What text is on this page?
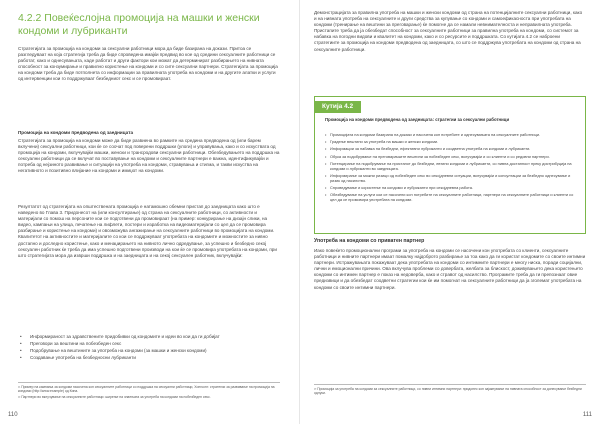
4.2.2 Повеќеслојна промоција на машки и женски кондоми и лубриканти

Стратегијата за промоција на кондоми за сексуални работници мора да биде базирана на докази. Притоа се разгледуваат на која стратегија треба да биде спроведена имајќи предвид во кое од средини сексуалните работници се работат, како и однесувањата, каде работат и други фактори кои можат да детерминират разбирањето на нивната способност за конзумирање и правилно користење на кондоми и со сите сексуални партнери. Стратегијата за промоција на кондоми треба да биде потполнета со информации за правилната употреба на кондоми и на другите алатки и услуги од интервенции кои го поддржуваат безбедниот секс и се промовираат.

Промоција на кондоми предводена од заедницата

Стратегијата за промоција на кондоми може да биде развиена во рамките на средина предводена од (или барем вклучени) сексуални работници, кои ќе се соочат под поверени поддршки (улоги) и управувања, како и со искуствата од промоција на кондоми, вклучувајќи машки, женски и трансродови сексуални работници. Обезбедувањето на поддршка на сексуални работници да се вклучат во поставување на кондоми и сексуалните партнери е важна, идентификувајќи и потреба од нејзиното развивање и ситуацији на употреба на кондоми, стравувања и стигма, и такви искуства на негативното и позитивно влијание на кондоми и имиџот на кондоми.

Резултатот од стратегијата на општествената промоција е натамошно обемни пристап до заедницата како што е наведено во Глава 3. Придонесот на (или консултирање) од страна на сексуалните работници, со активности и материјали со помош на персоните кои се подготвени да промовираат (на пример: конкурирање на дизајн слики, на видео, кампањи на улица, печатење на лифлети, постери и изработка на видеоматеријали со цел да се промовира разбирање и користење на кондоми) и овозможува ангажирање на сексуалните работници во промоцијата на кондоми. Квалитетот на активностите и материјалите со кои се поддржуваат употребата на кондомите и можностите за нивно достапно и доследно користење, како и менаџирањето на нивното лично одредување, за успешно и безбедно секој сексуален работник ќе треба да има успешно подготвени производи на кои ќе се промовира употребата на кондоми, при што стратегијата мора да изврши поддршка и на заедницата и на секој сексуален работник, вклучувајќи:

• Информираност за здравствените придобивки од кондомите и идеи во кои да ги добијат
• Преговори за вештини на побезбеден секс
• Подобрување на вештините за употреба на кондоми (за машки и женски кондоми)
• Создавање употреба на безбедносни лубриканти

¹¹ Пример на кампања за кондоми насочена кон сексуалните работници со поддршка на сексуални работници, Хонгконг: стратегии за развивање на промоција на кондоми (http://www.example) од Кина.

¹² Партнери во вклучување на сексуалните работници: ширење на знаењата за употреба на кондоми на побезбеден секс.

110

Демонстрацијата за правилна употреба на машки и женски кондоми од страна на потенцијалните сексуални работници, како и на нивната употреба на сексуалните и други средства за купување со кондоми и самоефикасноста при употребата на кондоми (тренирање на вештини за преговарање) ќе помогне да се намали невнимателноста и неправилната употреба. Пристапите треба да ја обезбедат способност за сексуалните работници за правилна употреба на кондоми, со системот за набавка на погодни видови и квалитет на кондоми, како и со ресурсите и поддршката. Со кутијата 4.2 се наброени стратегиите за промоција на кондоми предводена од заедницата, со што се поддржува употребата на кондоми од страна на сексуалните работници.

Кутија 4.2

Промоција на кондоми предводена од заедницата: стратегии за сексуални работници

• Промоцијата на кондоми базирана на докази и насочена кон потребите и однесувањата на сексуалните работници.
• Градење вештини за употреба на машки и женски кондоми.
• Информации за набавка на безбедни, ефективни лубриканти и соодветна употреба на кондоми и лубриканти.
• Обука за подобрување на преговарачките вештини за побезбеден секс, вклучувајќи и со клиенти и со редовни партнери.
• Потенцирање на подобрување на пристапот до безбедни, евтини кондоми и лубриканти, со нивна достапност преку дистрибуција на кондоми и лубриканти во заедницата.
• Информирање за можни ризици од побезбеден секс во секојдневни ситуации, вклучувајќи и консултации за безбедно однесување и ризик од насилство.
• Спроведување и користење на кондоми и лубриканти при секојдневна работа.
• Обезбедување на услуги кои се насочени кон потребите на сексуалните работници, партнери на сексуалните работници и клиенти со цел да се промовира употребата на кондоми.

Употреба на кондоми со приватен партнер

Иако повеќето промоционални програми за употреба на кондоми се насочени кон употребата со клиенти, сексуалните работници и нивните партнери имаат помалку најдоброто разбирање за тоа како да ги користат кондомите со своите интимни партнери. Истражувањата покажуваат дека употребата на кондоми со интимните партнери е многу ниска, поради социјални, лични и емоционални причини. Ова вклучува проблеми со довербата, желбата за блискост, доживувањето дека користењето кондоми со интимен партнер е показ на недоверба, како и стравот од насилство. Програмите треба да ги препознаат овие предизвици и да обезбедат соодветни стратегии кои ќе им помогнат на сексуалните работници да ја зголемат употребата на кондоми со своите интимни партнери.

¹³ Промоција за употреба на кондоми за сексуалните работници, со нивни интимни партнери: придонес кон зајакнување на нивната способност за донесување безбедни одлуки.

111
